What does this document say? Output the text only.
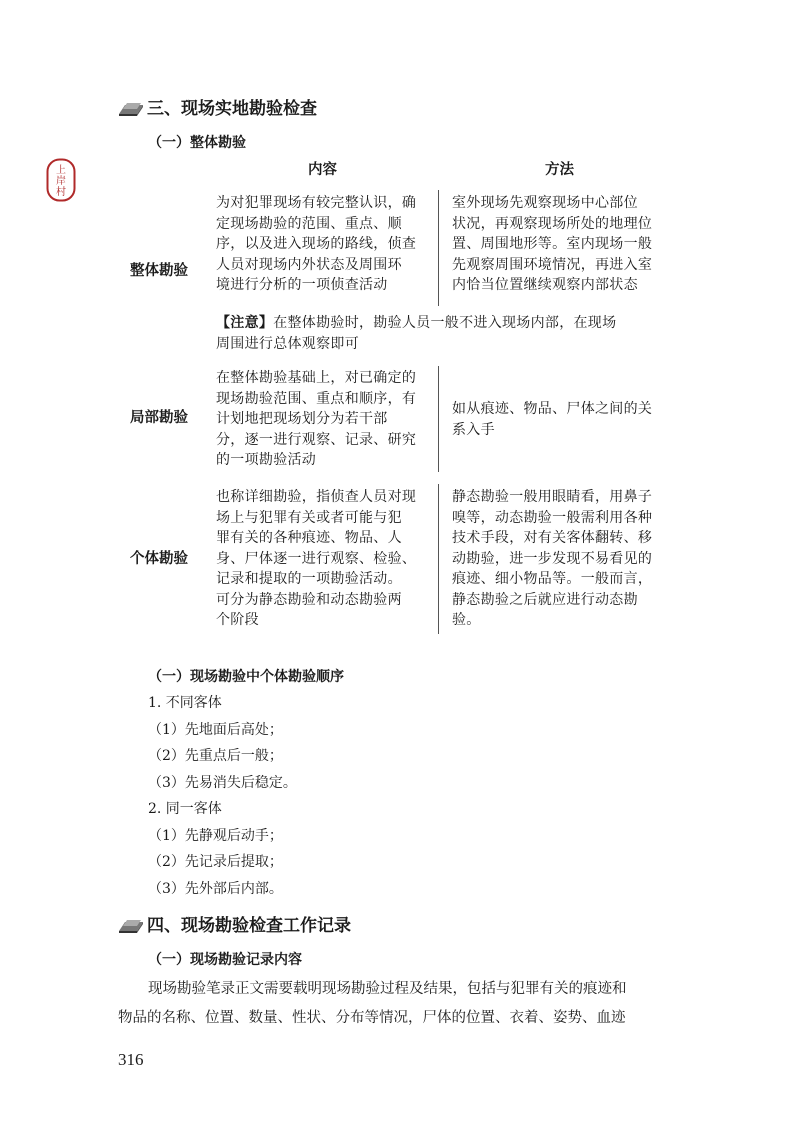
上
岸
村
三、现场实地勘验检查
（一）整体勘验
内容	方法
整体勘验
为对犯罪现场有较完整认识，确
定现场勘验的范围、重点、顺
序，以及进入现场的路线，侦查
人员对现场内外状态及周围环
境进行分析的一项侦查活动
室外现场先观察现场中心部位
状况，再观察现场所处的地理位
置、周围地形等。室内现场一般
先观察周围环境情况，再进入室
内恰当位置继续观察内部状态
【注意】在整体勘验时，勘验人员一般不进入现场内部，在现场
周围进行总体观察即可
局部勘验
在整体勘验基础上，对已确定的
现场勘验范围、重点和顺序，有
计划地把现场划分为若干部
分，逐一进行观察、记录、研究
的一项勘验活动
如从痕迹、物品、尸体之间的关
系入手
个体勘验
也称详细勘验，指侦查人员对现
场上与犯罪有关或者可能与犯
罪有关的各种痕迹、物品、人
身、尸体逐一进行观察、检验、
记录和提取的一项勘验活动。
可分为静态勘验和动态勘验两
个阶段
静态勘验一般用眼睛看，用鼻子
嗅等，动态勘验一般需利用各种
技术手段，对有关客体翻转、移
动勘验，进一步发现不易看见的
痕迹、细小物品等。一般而言，
静态勘验之后就应进行动态勘
验。
（一）现场勘验中个体勘验顺序
1. 不同客体
（1）先地面后高处；
（2）先重点后一般；
（3）先易消失后稳定。
2. 同一客体
（1）先静观后动手；
（2）先记录后提取；
（3）先外部后内部。
四、现场勘验检查工作记录
（一）现场勘验记录内容
现场勘验笔录正文需要载明现场勘验过程及结果，包括与犯罪有关的痕迹和
物品的名称、位置、数量、性状、分布等情况，尸体的位置、衣着、姿势、血迹
316
